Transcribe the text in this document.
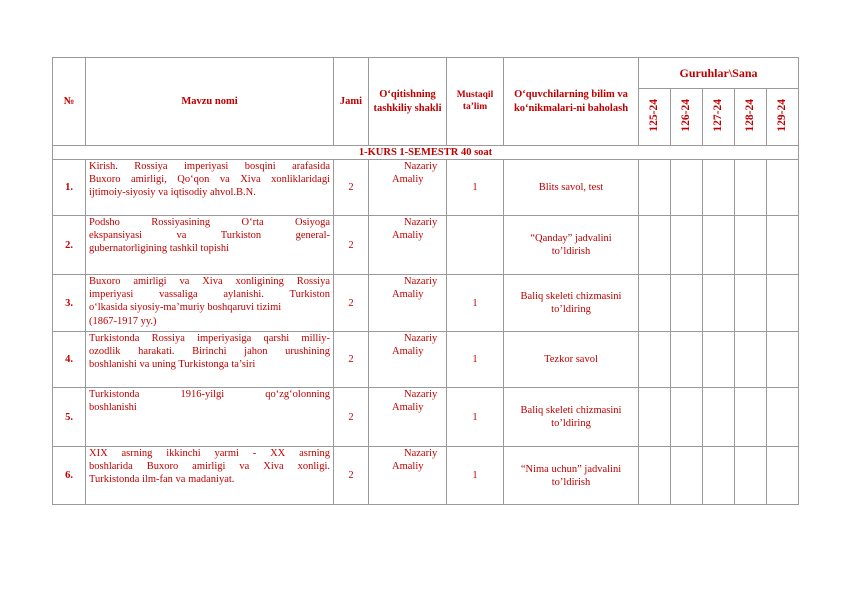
№	Mavzu nomi	Jami	O‘qitishning tashkiliy shakli	Mustaqil ta’lim	O‘quvchilarning bilim va ko‘nikmalari-ni baholash	Guruhlar\Sana				
						125-24	126-24	127-24	128-24	129-24
1-KURS 1-SEMESTR 40 soat										
1.	Kirish. Rossiya imperiyasi bosqini arafasida
Buxoro amirligi, Qo‘qon va Xiva xonliklaridagi
ijtimoiy-siyosiy va iqtisodiy ahvol.B.N.	2	Nazariy
Amaliy	1	Blits savol, test					

2.	Podsho Rossiyasining O‘rta Osiyoga
ekspansiyasi va Turkiston general-
gubernatorligining tashkil topishi	2	Nazariy
Amaliy		“Qanday” jadvalini
to’ldirish					

3.	Buxoro amirligi va Xiva xonligining Rossiya
imperiyasi vassaliga aylanishi. Turkiston
o‘lkasida siyosiy-ma’muriy boshqaruvi tizimi
(1867-1917 yy.)	2	Nazariy
Amaliy	1	Baliq skeleti chizmasini
to’ldiring					

4.	Turkistonda Rossiya imperiyasiga qarshi milliy-
ozodlik harakati. Birinchi jahon urushining
boshlanishi va uning Turkistonga ta’siri	2	Nazariy
Amaliy	1	Tezkor savol					

5.	Turkistonda 1916-yilgi qo‘zg‘olonning
boshlanishi	2	Nazariy
Amaliy	1	Baliq skeleti chizmasini
to’ldiring					

6.	XIX asrning ikkinchi yarmi - XX asrning
boshlarida Buxoro amirligi va Xiva xonligi.
Turkistonda ilm-fan va madaniyat.	2	Nazariy
Amaliy	1	“Nima uchun” jadvalini
to’ldirish					
